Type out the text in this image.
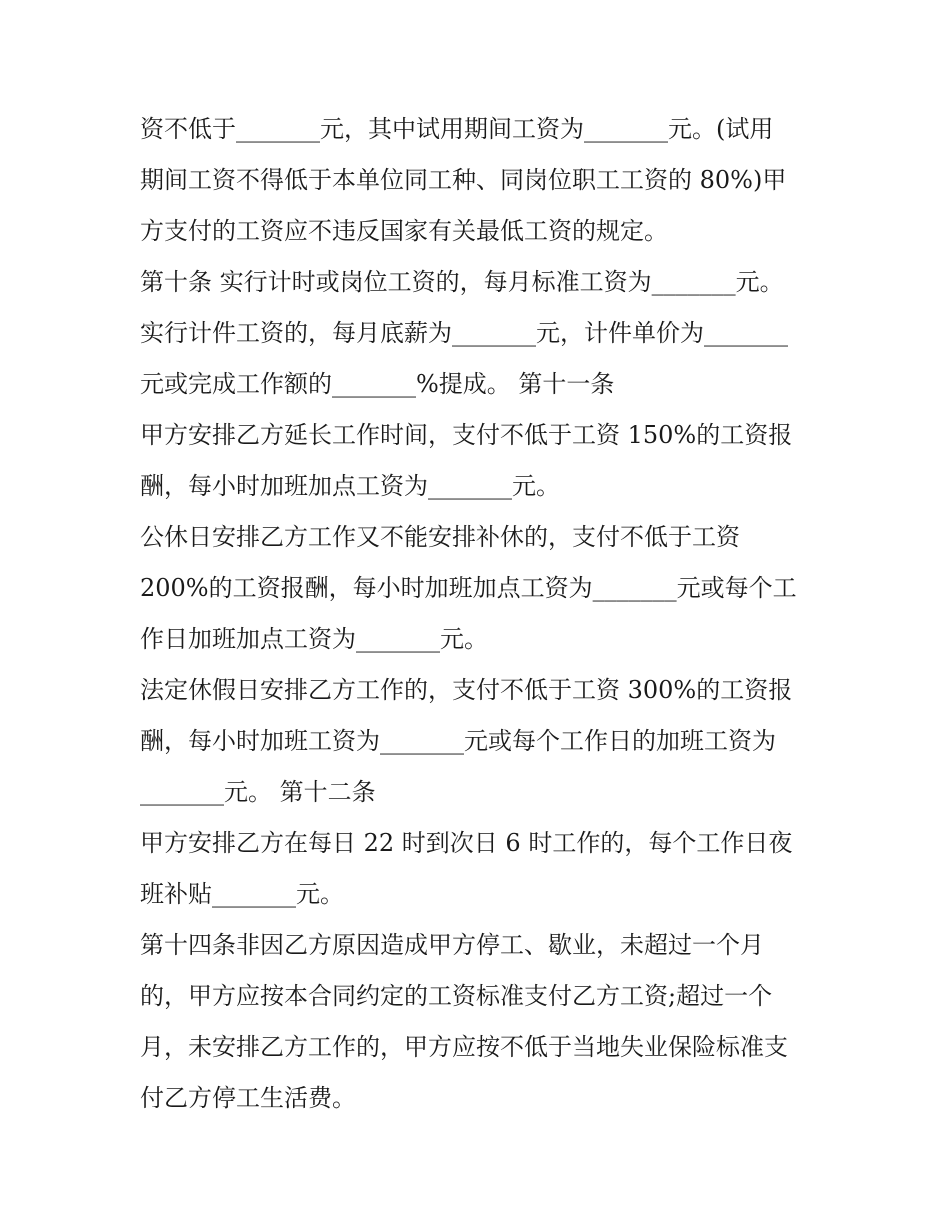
资不低于_______元，其中试用期间工资为_______元。(试用
期间工资不得低于本单位同工种、同岗位职工工资的 80%)甲
方支付的工资应不违反国家有关最低工资的规定。
第十条 实行计时或岗位工资的，每月标准工资为_______元。
实行计件工资的，每月底薪为_______元，计件单价为_______
元或完成工作额的_______%提成。 第十一条
甲方安排乙方延长工作时间，支付不低于工资 150%的工资报
酬，每小时加班加点工资为_______元。
公休日安排乙方工作又不能安排补休的，支付不低于工资
200%的工资报酬，每小时加班加点工资为_______元或每个工
作日加班加点工资为_______元。
法定休假日安排乙方工作的，支付不低于工资 300%的工资报
酬，每小时加班工资为_______元或每个工作日的加班工资为
_______元。 第十二条
甲方安排乙方在每日 22 时到次日 6 时工作的，每个工作日夜
班补贴_______元。
第十四条非因乙方原因造成甲方停工、歇业，未超过一个月
的，甲方应按本合同约定的工资标准支付乙方工资;超过一个
月，未安排乙方工作的，甲方应按不低于当地失业保险标准支
付乙方停工生活费。
